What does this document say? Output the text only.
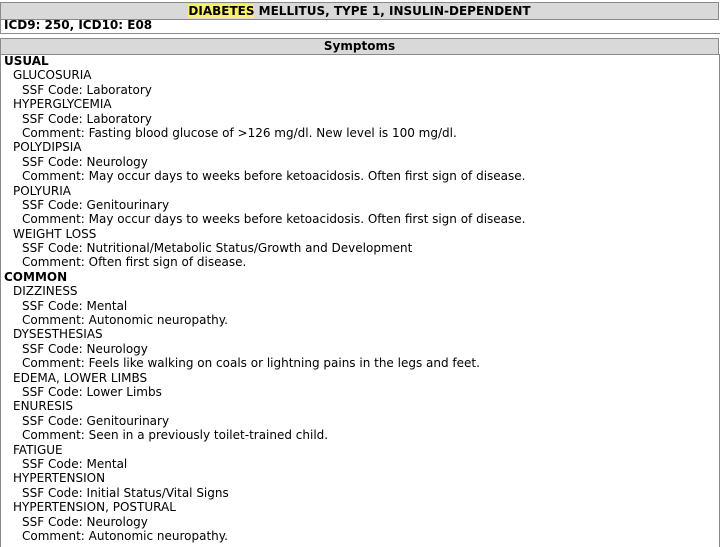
DIABETES MELLITUS, TYPE 1, INSULIN-DEPENDENT
ICD9: 250, ICD10: E08
Symptoms
USUAL
GLUCOSURIA
SSF Code: Laboratory
HYPERGLYCEMIA
SSF Code: Laboratory
Comment: Fasting blood glucose of >126 mg/dl. New level is 100 mg/dl.
POLYDIPSIA
SSF Code: Neurology
Comment: May occur days to weeks before ketoacidosis. Often first sign of disease.
POLYURIA
SSF Code: Genitourinary
Comment: May occur days to weeks before ketoacidosis. Often first sign of disease.
WEIGHT LOSS
SSF Code: Nutritional/Metabolic Status/Growth and Development
Comment: Often first sign of disease.
COMMON
DIZZINESS
SSF Code: Mental
Comment: Autonomic neuropathy.
DYSESTHESIAS
SSF Code: Neurology
Comment: Feels like walking on coals or lightning pains in the legs and feet.
EDEMA, LOWER LIMBS
SSF Code: Lower Limbs
ENURESIS
SSF Code: Genitourinary
Comment: Seen in a previously toilet-trained child.
FATIGUE
SSF Code: Mental
HYPERTENSION
SSF Code: Initial Status/Vital Signs
HYPERTENSION, POSTURAL
SSF Code: Neurology
Comment: Autonomic neuropathy.
